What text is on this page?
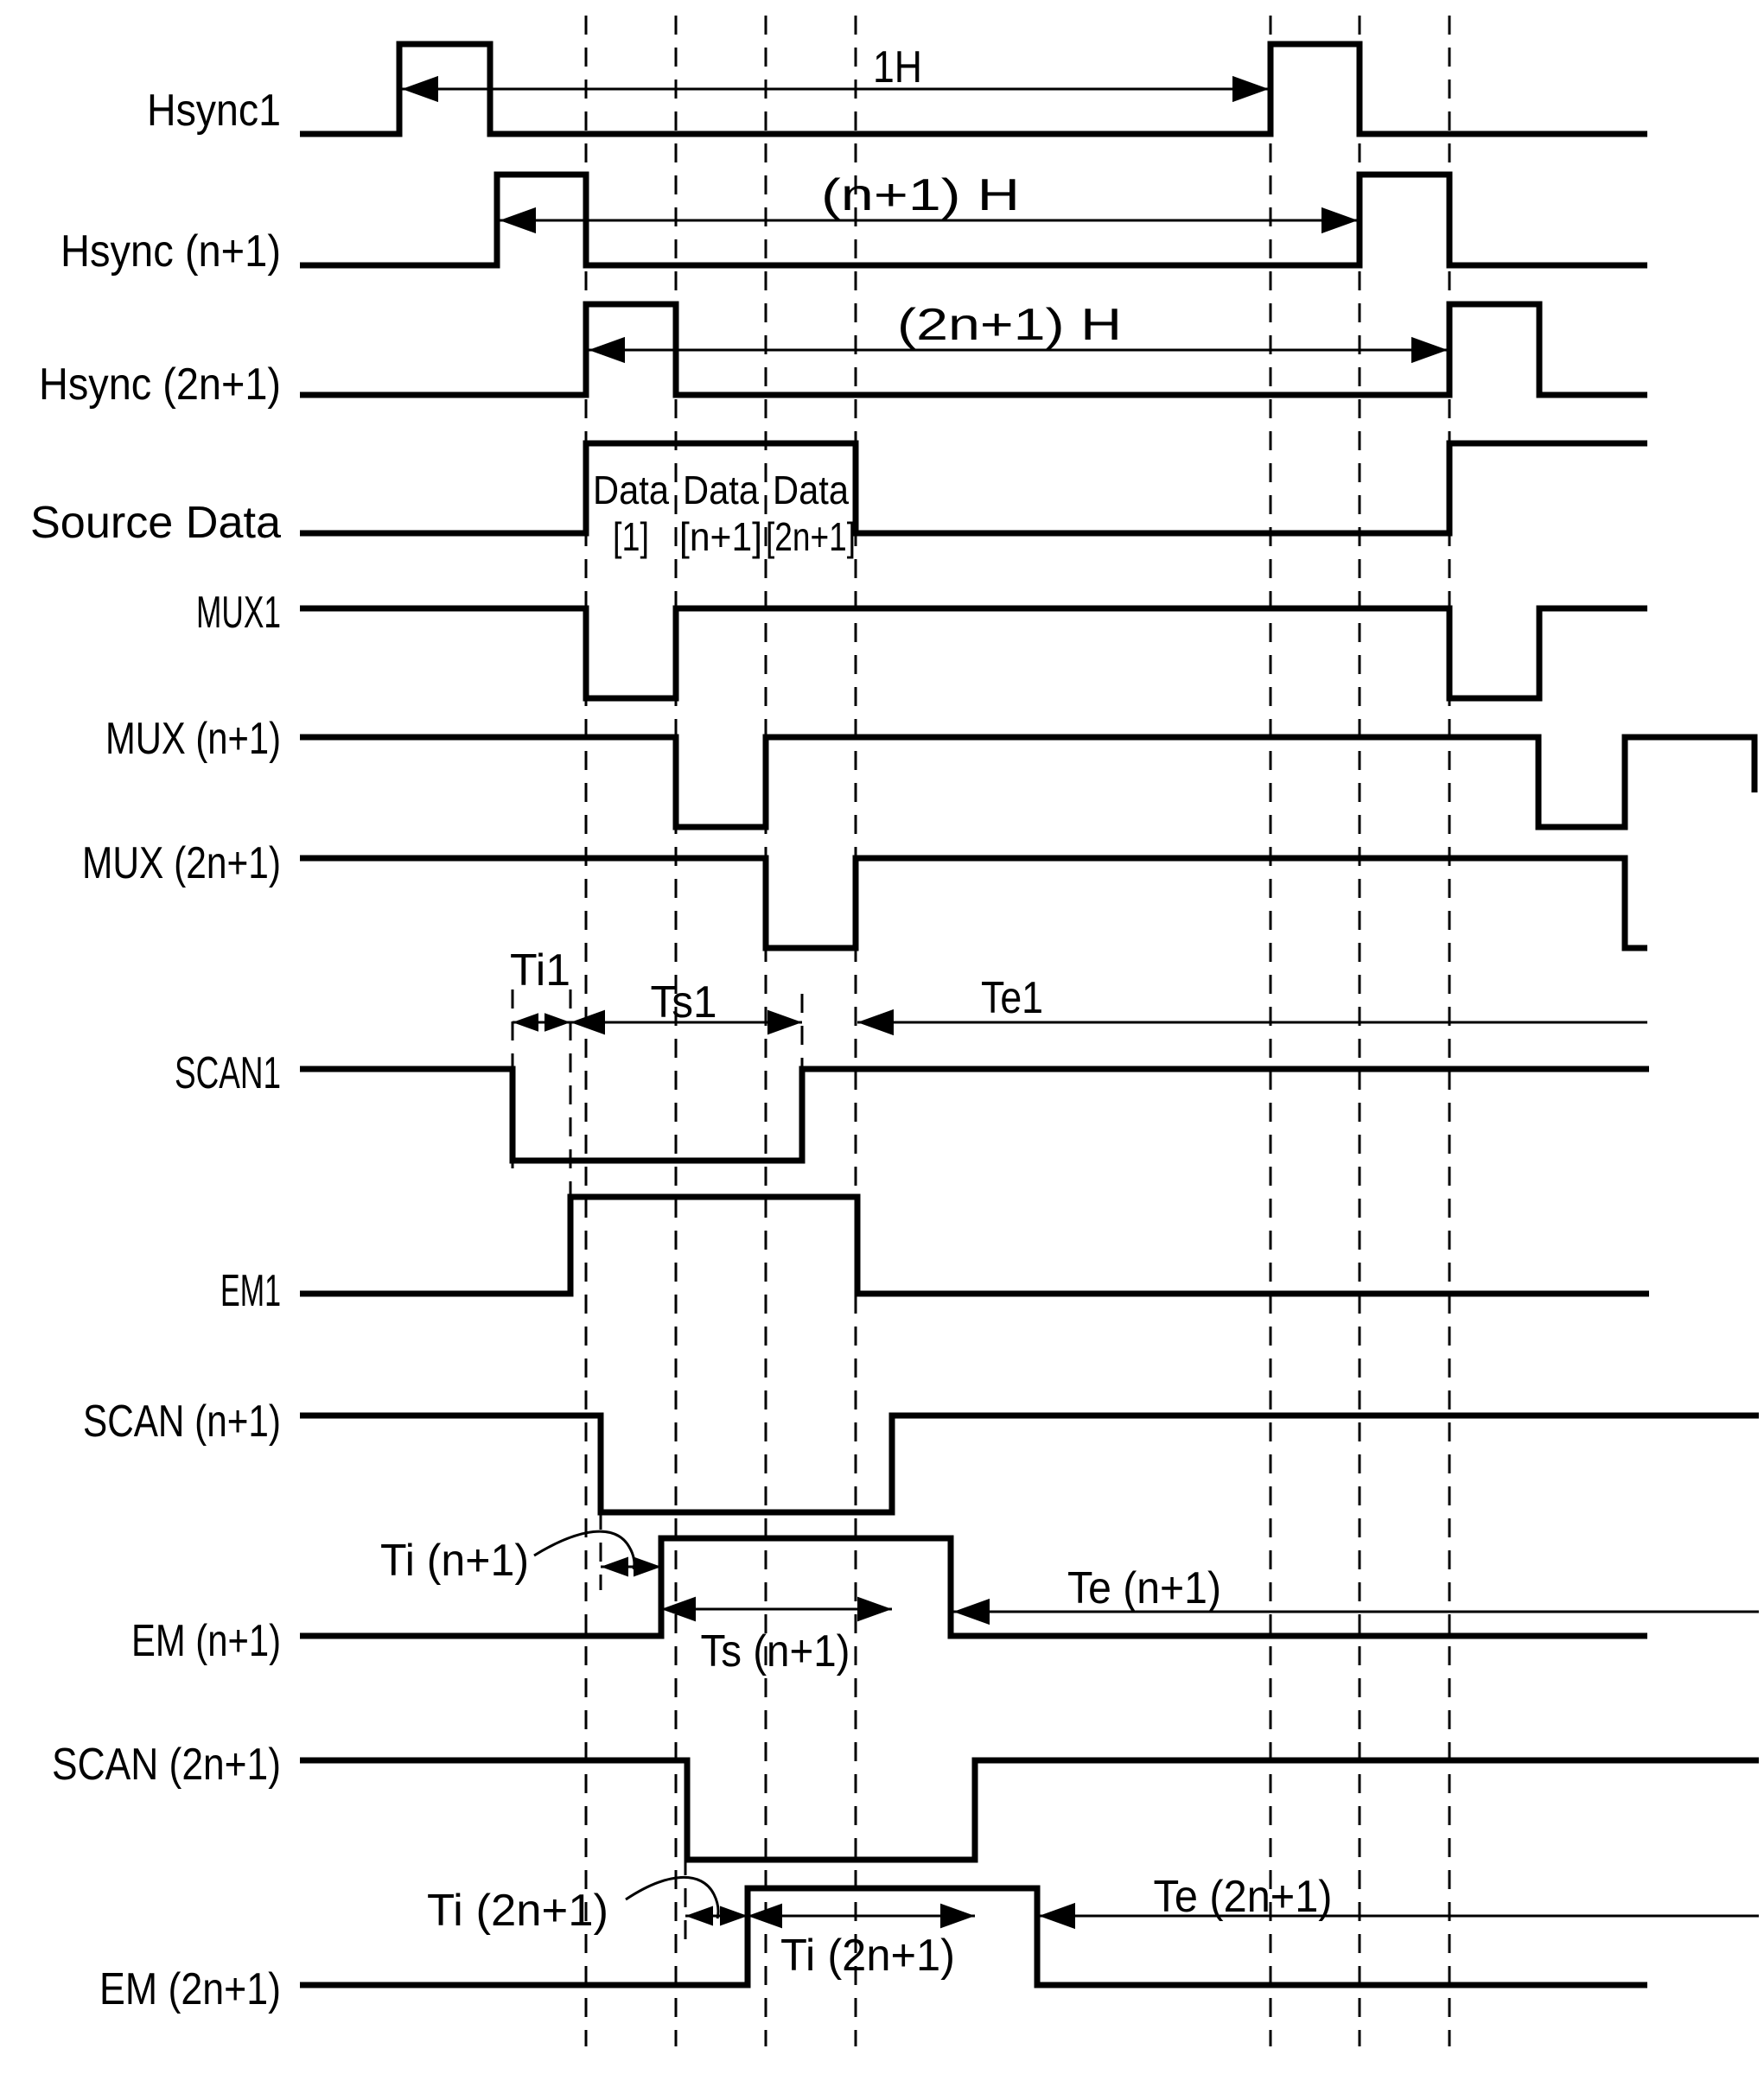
Hsync1
Hsync (n+1)
Hsync (2n+1)
Source Data
MUX1
MUX (n+1)
MUX (2n+1)
SCAN1
EM1
SCAN (n+1)
EM (n+1)
SCAN (2n+1)
EM (2n+1)
1H
(n+1) H
(2n+1) H
Ti1
Ts1	Te1
Ti (n+1)
Ts (n+1)
Te (n+1)
Ti (2n+1)
Ti (2n+1)
Te (2n+1)
Data
[1]
Data
[n+1]
Data
[2n+1]
